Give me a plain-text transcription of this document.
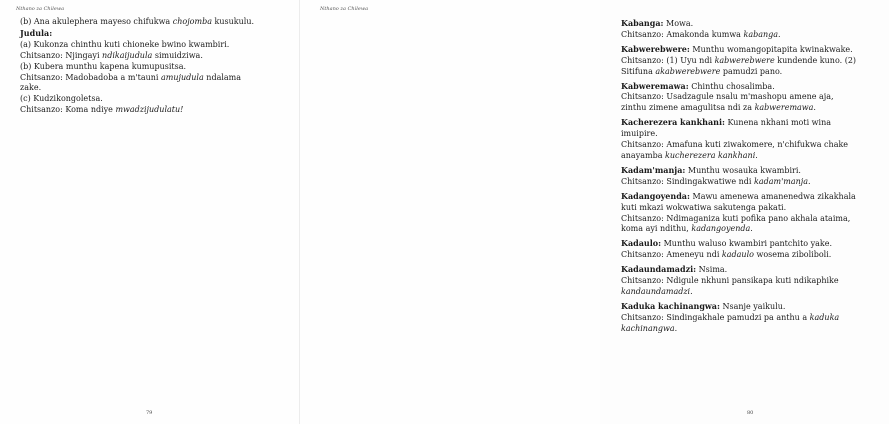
Nthano za Chilewa
(b) Ana akulephera mayeso chifukwa chojomba kusukulu.
Judula:
(a) Kukonza chinthu kuti chioneke bwino kwambiri.
Chitsanzo: Njingayi ndikaijudula simuidziwa.
(b) Kubera munthu kapena kumupusitsa.
Chitsanzo: Madobadoba a m'tauni amujudula ndalama
zake.
(c) Kudzikongoletsa.
Chitsanzo: Koma ndiye mwadzijudulatu!
79
Nthano za Chilewa
Kabanga: Mowa.
Chitsanzo: Amakonda kumwa kabanga.
Kabwerebwere: Munthu womangopitapita kwinakwake.
Chitsanzo: (1) Uyu ndi kabwerebwere kundende kuno. (2)
Sitifuna akabwerebwere pamudzi pano.
Kabweremawa: Chinthu chosalimba.
Chitsanzo: Usadzagule nsalu m'mashopu amene aja,
zinthu zimene amagulitsa ndi za kabweremawa.
Kacherezera kankhani: Kunena nkhani moti wina
imuipire.
Chitsanzo: Amafuna kuti ziwakomere, n'chifukwa chake
anayamba kucherezera kankhani.
Kadam'manja: Munthu wosauka kwambiri.
Chitsanzo: Sindingakwatiwe ndi kadam'manja.
Kadangoyenda: Mawu amenewa amanenedwa zikakhala
kuti mkazi wokwatiwa sakutenga pakati.
Chitsanzo: Ndimaganiza kuti pofika pano akhala ataima,
koma ayi ndithu, kadangoyenda.
Kadaulo: Munthu waluso kwambiri pantchito yake.
Chitsanzo: Ameneyu ndi kadaulo wosema ziboliboli.
Kadaundamadzi: Nsima.
Chitsanzo: Ndigule nkhuni pansikapa kuti ndikaphike
kandaundamadzi.
Kaduka kachinangwa: Nsanje yaikulu.
Chitsanzo: Sindingakhale pamudzi pa anthu a kaduka
kachinangwa.
80
